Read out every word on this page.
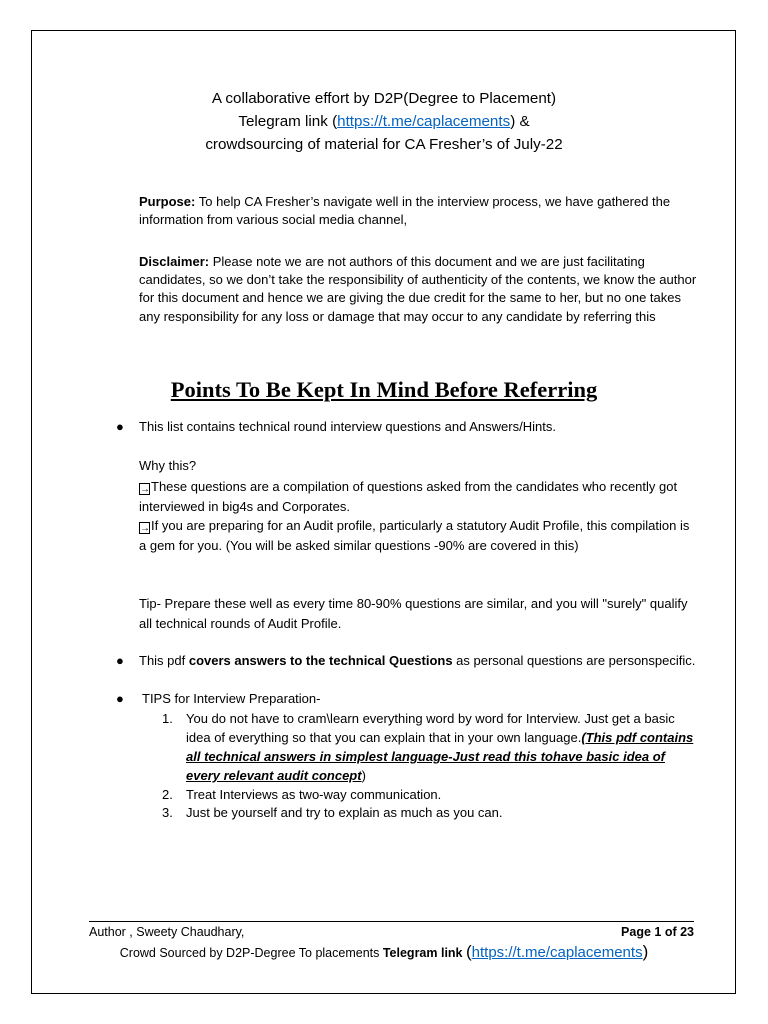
A collaborative effort by D2P(Degree to Placement)
Telegram link (https://t.me/caplacements) &
crowdsourcing of material for CA Fresher’s of July-22
Purpose: To help CA Fresher’s navigate well in the interview process, we have gathered the information from various social media channel,
Disclaimer: Please note we are not authors of this document and we are just facilitating candidates, so we don’t take the responsibility of authenticity of the contents, we know the author for this document and hence we are giving the due credit for the same to her, but no one takes any responsibility for any loss or damage that may occur to any candidate by referring this
Points To Be Kept In Mind Before Referring
● This list contains technical round interview questions and Answers/Hints.
Why this?
→These questions are a compilation of questions asked from the candidates who recently got interviewed in big4s and Corporates.
→If you are preparing for an Audit profile, particularly a statutory Audit Profile, this compilation is a gem for you. (You will be asked similar questions -90% are covered in this)
Tip- Prepare these well as every time 80-90% questions are similar, and you will "surely" qualify all technical rounds of Audit Profile.
● This pdf covers answers to the technical Questions as personal questions are personspecific.
● TIPS for Interview Preparation-
1. You do not have to cram\learn everything word by word for Interview. Just get a basic idea of everything so that you can explain that in your own language.(This pdf contains all technical answers in simplest language-Just read this tohave basic idea of every relevant audit concept)
2. Treat Interviews as two-way communication.
3. Just be yourself and try to explain as much as you can.
Author , Sweety Chaudhary,	Page 1 of 23
Crowd Sourced by D2P-Degree To placements Telegram link (https://t.me/caplacements)
